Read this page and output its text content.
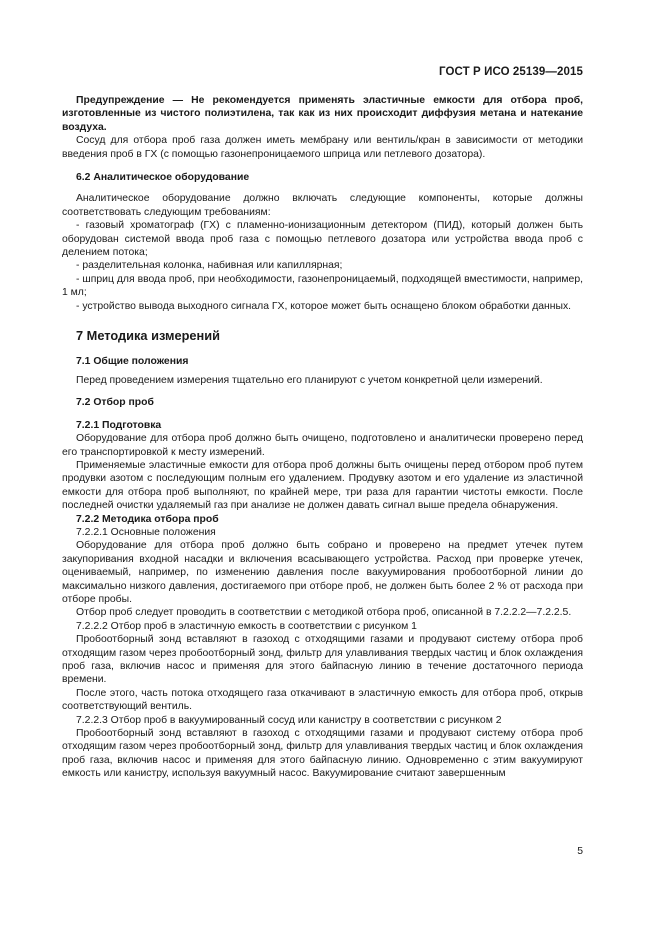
ГОСТ Р ИСО 25139—2015

Предупреждение — Не рекомендуется применять эластичные емкости для отбора проб, изготовленные из чистого полиэтилена, так как из них происходит диффузия метана и натекание воздуха.

Сосуд для отбора проб газа должен иметь мембрану или вентиль/кран в зависимости от методики введения проб в ГХ (с помощью газонепроницаемого шприца или петлевого дозатора).

6.2 Аналитическое оборудование

Аналитическое оборудование должно включать следующие компоненты, которые должны соответствовать следующим требованиям:

- газовый хроматограф (ГХ) с пламенно-ионизационным детектором (ПИД), который должен быть оборудован системой ввода проб газа с помощью петлевого дозатора или устройства ввода проб с делением потока;

- разделительная колонка, набивная или капиллярная;

- шприц для ввода проб, при необходимости, газонепроницаемый, подходящей вместимости, например, 1 мл;

- устройство вывода выходного сигнала ГХ, которое может быть оснащено блоком обработки данных.

7 Методика измерений
7.1 Общие положения

Перед проведением измерения тщательно его планируют с учетом конкретной цели измерений.

7.2 Отбор проб
7.2.1 Подготовка

Оборудование для отбора проб должно быть очищено, подготовлено и аналитически проверено перед его транспортировкой к месту измерений.

Применяемые эластичные емкости для отбора проб должны быть очищены перед отбором проб путем продувки азотом с последующим полным его удалением. Продувку азотом и его удаление из эластичной емкости для отбора проб выполняют, по крайней мере, три раза для гарантии чистоты емкости. После последней очистки удаляемый газ при анализе не должен давать сигнал выше предела обнаружения.

7.2.2 Методика отбора проб
7.2.2.1 Основные положения

Оборудование для отбора проб должно быть собрано и проверено на предмет утечек путем закупоривания входной насадки и включения всасывающего устройства. Расход при проверке утечек, оцениваемый, например, по изменению давления после вакуумирования пробоотборной линии до максимально низкого давления, достигаемого при отборе проб, не должен быть более 2 % от расхода при отборе пробы.

Отбор проб следует проводить в соответствии с методикой отбора проб, описанной в 7.2.2.2—7.2.2.5.

7.2.2.2 Отбор проб в эластичную емкость в соответствии с рисунком 1

Пробоотборный зонд вставляют в газоход с отходящими газами и продувают систему отбора проб отходящим газом через пробоотборный зонд, фильтр для улавливания твердых частиц и блок охлаждения проб газа, включив насос и применяя для этого байпасную линию в течение достаточного периода времени.

После этого, часть потока отходящего газа откачивают в эластичную емкость для отбора проб, открыв соответствующий вентиль.

7.2.2.3 Отбор проб в вакуумированный сосуд или канистру в соответствии с рисунком 2

Пробоотборный зонд вставляют в газоход с отходящими газами и продувают систему отбора проб отходящим газом через пробоотборный зонд, фильтр для улавливания твердых частиц и блок охлаждения проб газа, включив насос и применяя для этого байпасную линию. Одновременно с этим вакуумируют емкость или канистру, используя вакуумный насос. Вакуумирование считают завершенным

5
